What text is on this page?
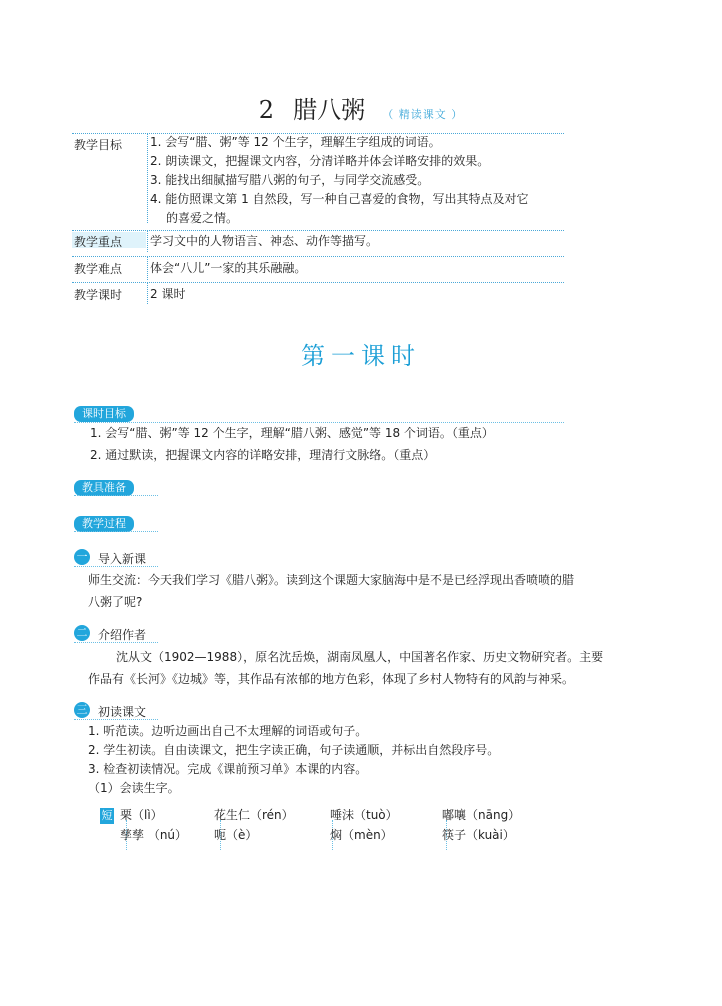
2 腊八粥 （ 精读课文 ）
教学目标 1. 会写“腊、粥”等 12 个生字，理解生字组成的词语。
2. 朗读课文，把握课文内容，分清详略并体会详略安排的效果。
3. 能找出细腻描写腊八粥的句子，与同学交流感受。
4. 能仿照课文第 1 自然段，写一种自己喜爱的食物，写出其特点及对它
的喜爱之情。
教学重点 学习文中的人物语言、神态、动作等描写。
教学难点 体会“八儿”一家的其乐融融。
教学课时 2 课时
第一课时
课时目标
1. 会写“腊、粥”等 12 个生字，理解“腊八粥、感觉”等 18 个词语。（重点）
2. 通过默读，把握课文内容的详略安排，理清行文脉络。（重点）
教具准备
教学过程
一 导入新课
师生交流：今天我们学习《腊八粥》。读到这个课题大家脑海中是不是已经浮现出香喷喷的腊
八粥了呢?
二 介绍作者
沈从文（1902—1988），原名沈岳焕，湖南凤凰人，中国著名作家、历史文物研究者。主要
作品有《长河》《边城》等，其作品有浓郁的地方色彩，体现了乡村人物特有的风韵与神采。
三 初读课文
1. 听范读。边听边画出自己不太理解的词语或句子。
2. 学生初读。自由读课文，把生字读正确，句子读通顺，并标出自然段序号。
3. 检查初读情况。完成《课前预习单》本课的内容。
（1）会读生字。
短 栗（lì）	花生仁（rén）	唾沫（tuò）	嘟嚷（nāng）
孳孳 （nú） 呃（è）	焖（mèn）	筷子（kuài）
